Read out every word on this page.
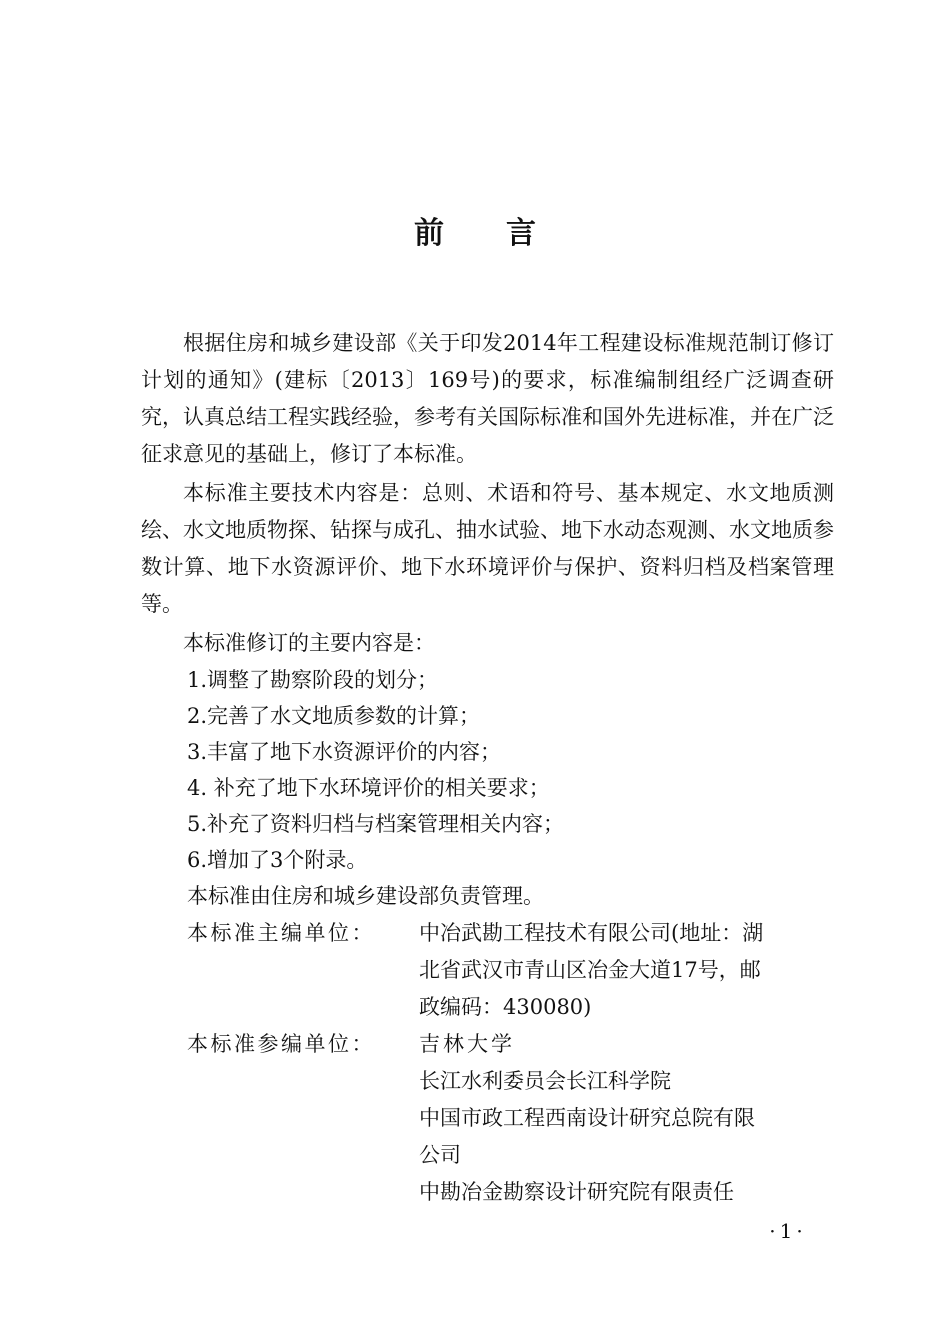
前言

根据住房和城乡建设部《关于印发2014年工程建设标准规范制订修订计划的通知》(建标〔2013〕169号)的要求，标准编制组经广泛调查研究，认真总结工程实践经验，参考有关国际标准和国外先进标准，并在广泛征求意见的基础上，修订了本标准。

本标准主要技术内容是：总则、术语和符号、基本规定、水文地质测绘、水文地质物探、钻探与成孔、抽水试验、地下水动态观测、水文地质参数计算、地下水资源评价、地下水环境评价与保护、资料归档及档案管理等。

本标准修订的主要内容是：

1.调整了勘察阶段的划分；

2.完善了水文地质参数的计算；

3.丰富了地下水资源评价的内容；

4. 补充了地下水环境评价的相关要求；

5.补充了资料归档与档案管理相关内容；

6.增加了3个附录。

本标准由住房和城乡建设部负责管理。

本标准主编单位：	中冶武勘工程技术有限公司(地址：湖
北省武汉市青山区冶金大道17号，邮
政编码：430080)
本标准参编单位：	吉林大学
长江水利委员会长江科学院
中国市政工程西南设计研究总院有限
公司
中勘冶金勘察设计研究院有限责任
·1·
